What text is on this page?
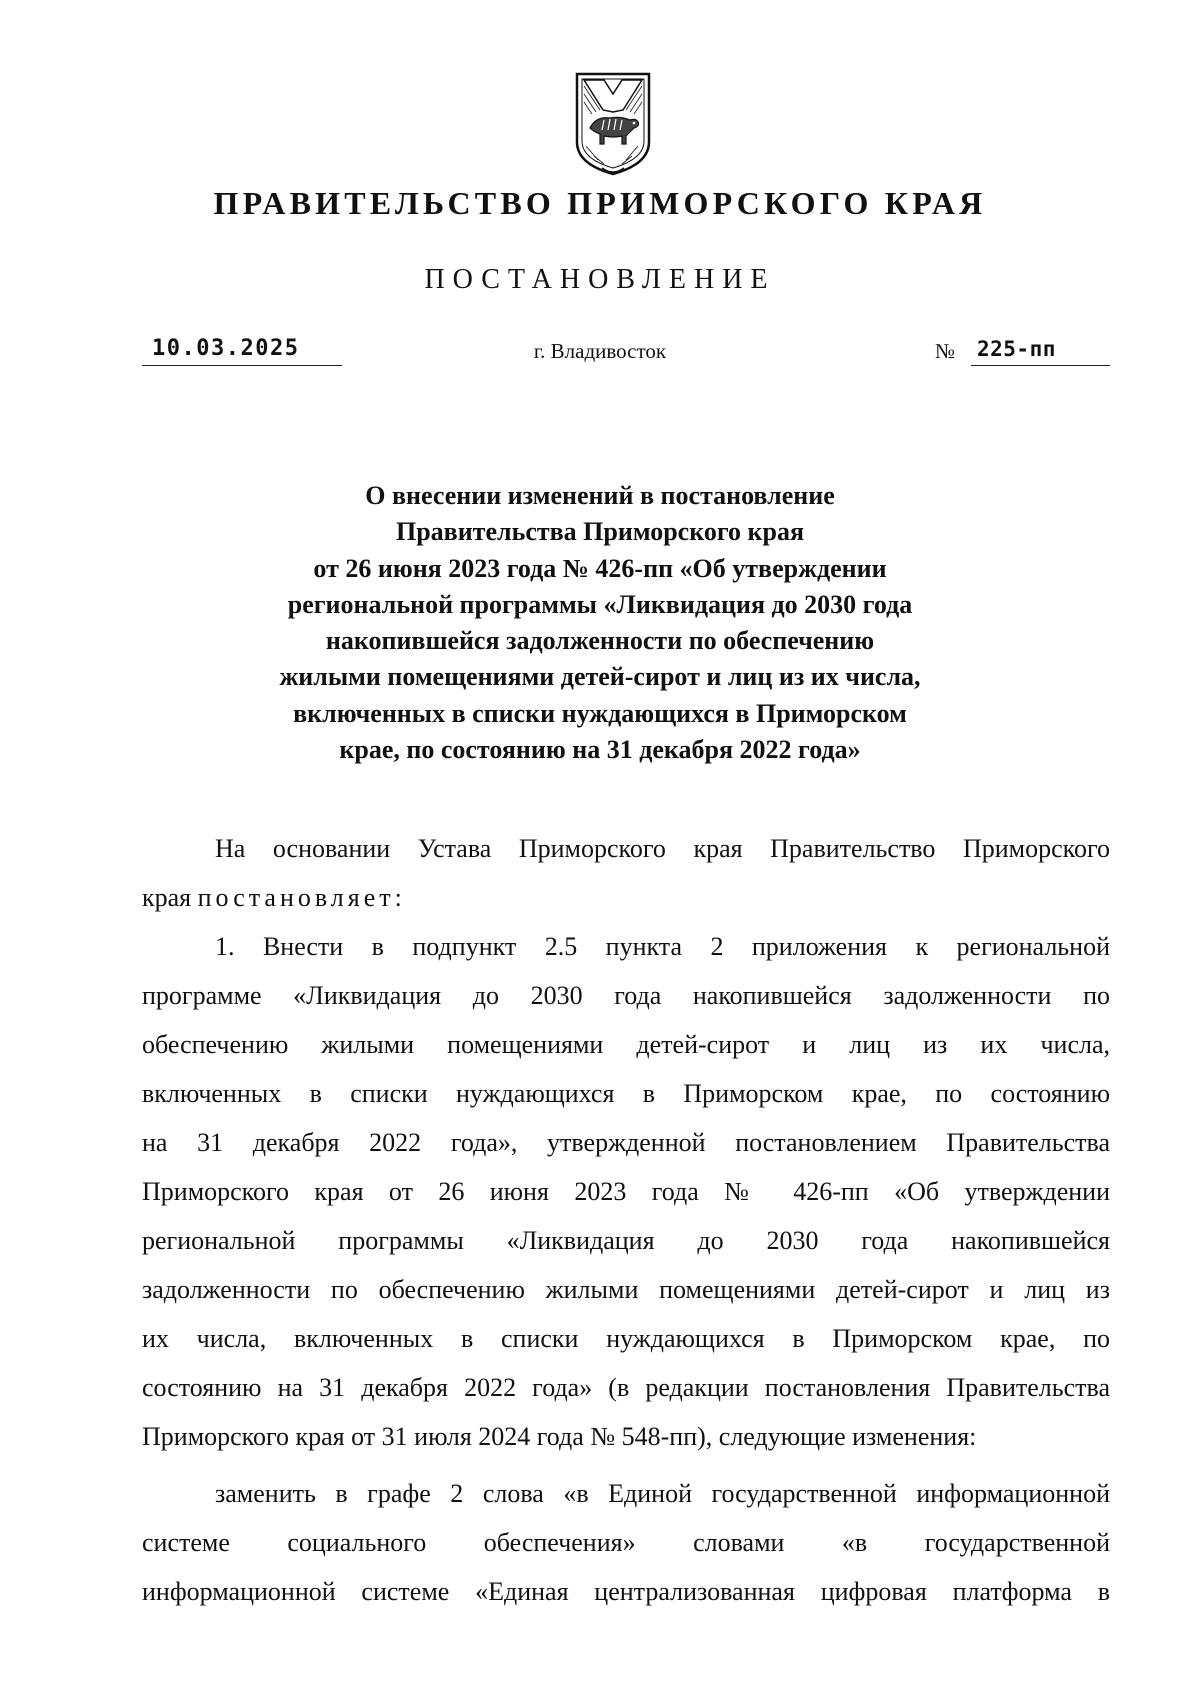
ПРАВИТЕЛЬСТВО ПРИМОРСКОГО КРАЯ
ПОСТАНОВЛЕНИЕ
10.03.2025	г. Владивосток	№ 225-пп
О внесении изменений в постановление
Правительства Приморского края
от 26 июня 2023 года № 426-пп «Об утверждении
региональной программы «Ликвидация до 2030 года
накопившейся задолженности по обеспечению
жилыми помещениями детей-сирот и лиц из их числа,
включенных в списки нуждающихся в Приморском
крае, по состоянию на 31 декабря 2022 года»
На основании Устава Приморского края Правительство Приморского
края постановляет:
1. Внести в подпункт 2.5 пункта 2 приложения к региональной
программе «Ликвидация до 2030 года накопившейся задолженности по
обеспечению жилыми помещениями детей-сирот и лиц из их числа,
включенных в списки нуждающихся в Приморском крае, по состоянию
на 31 декабря 2022 года», утвержденной постановлением Правительства
Приморского края от 26 июня 2023 года № 426-пп «Об утверждении
региональной программы «Ликвидация до 2030 года накопившейся
задолженности по обеспечению жилыми помещениями детей-сирот и лиц из
их числа, включенных в списки нуждающихся в Приморском крае, по
состоянию на 31 декабря 2022 года» (в редакции постановления Правительства
Приморского края от 31 июля 2024 года № 548-пп), следующие изменения:
заменить в графе 2 слова «в Единой государственной информационной
системе социального обеспечения» словами «в государственной
информационной системе «Единая централизованная цифровая платформа в
